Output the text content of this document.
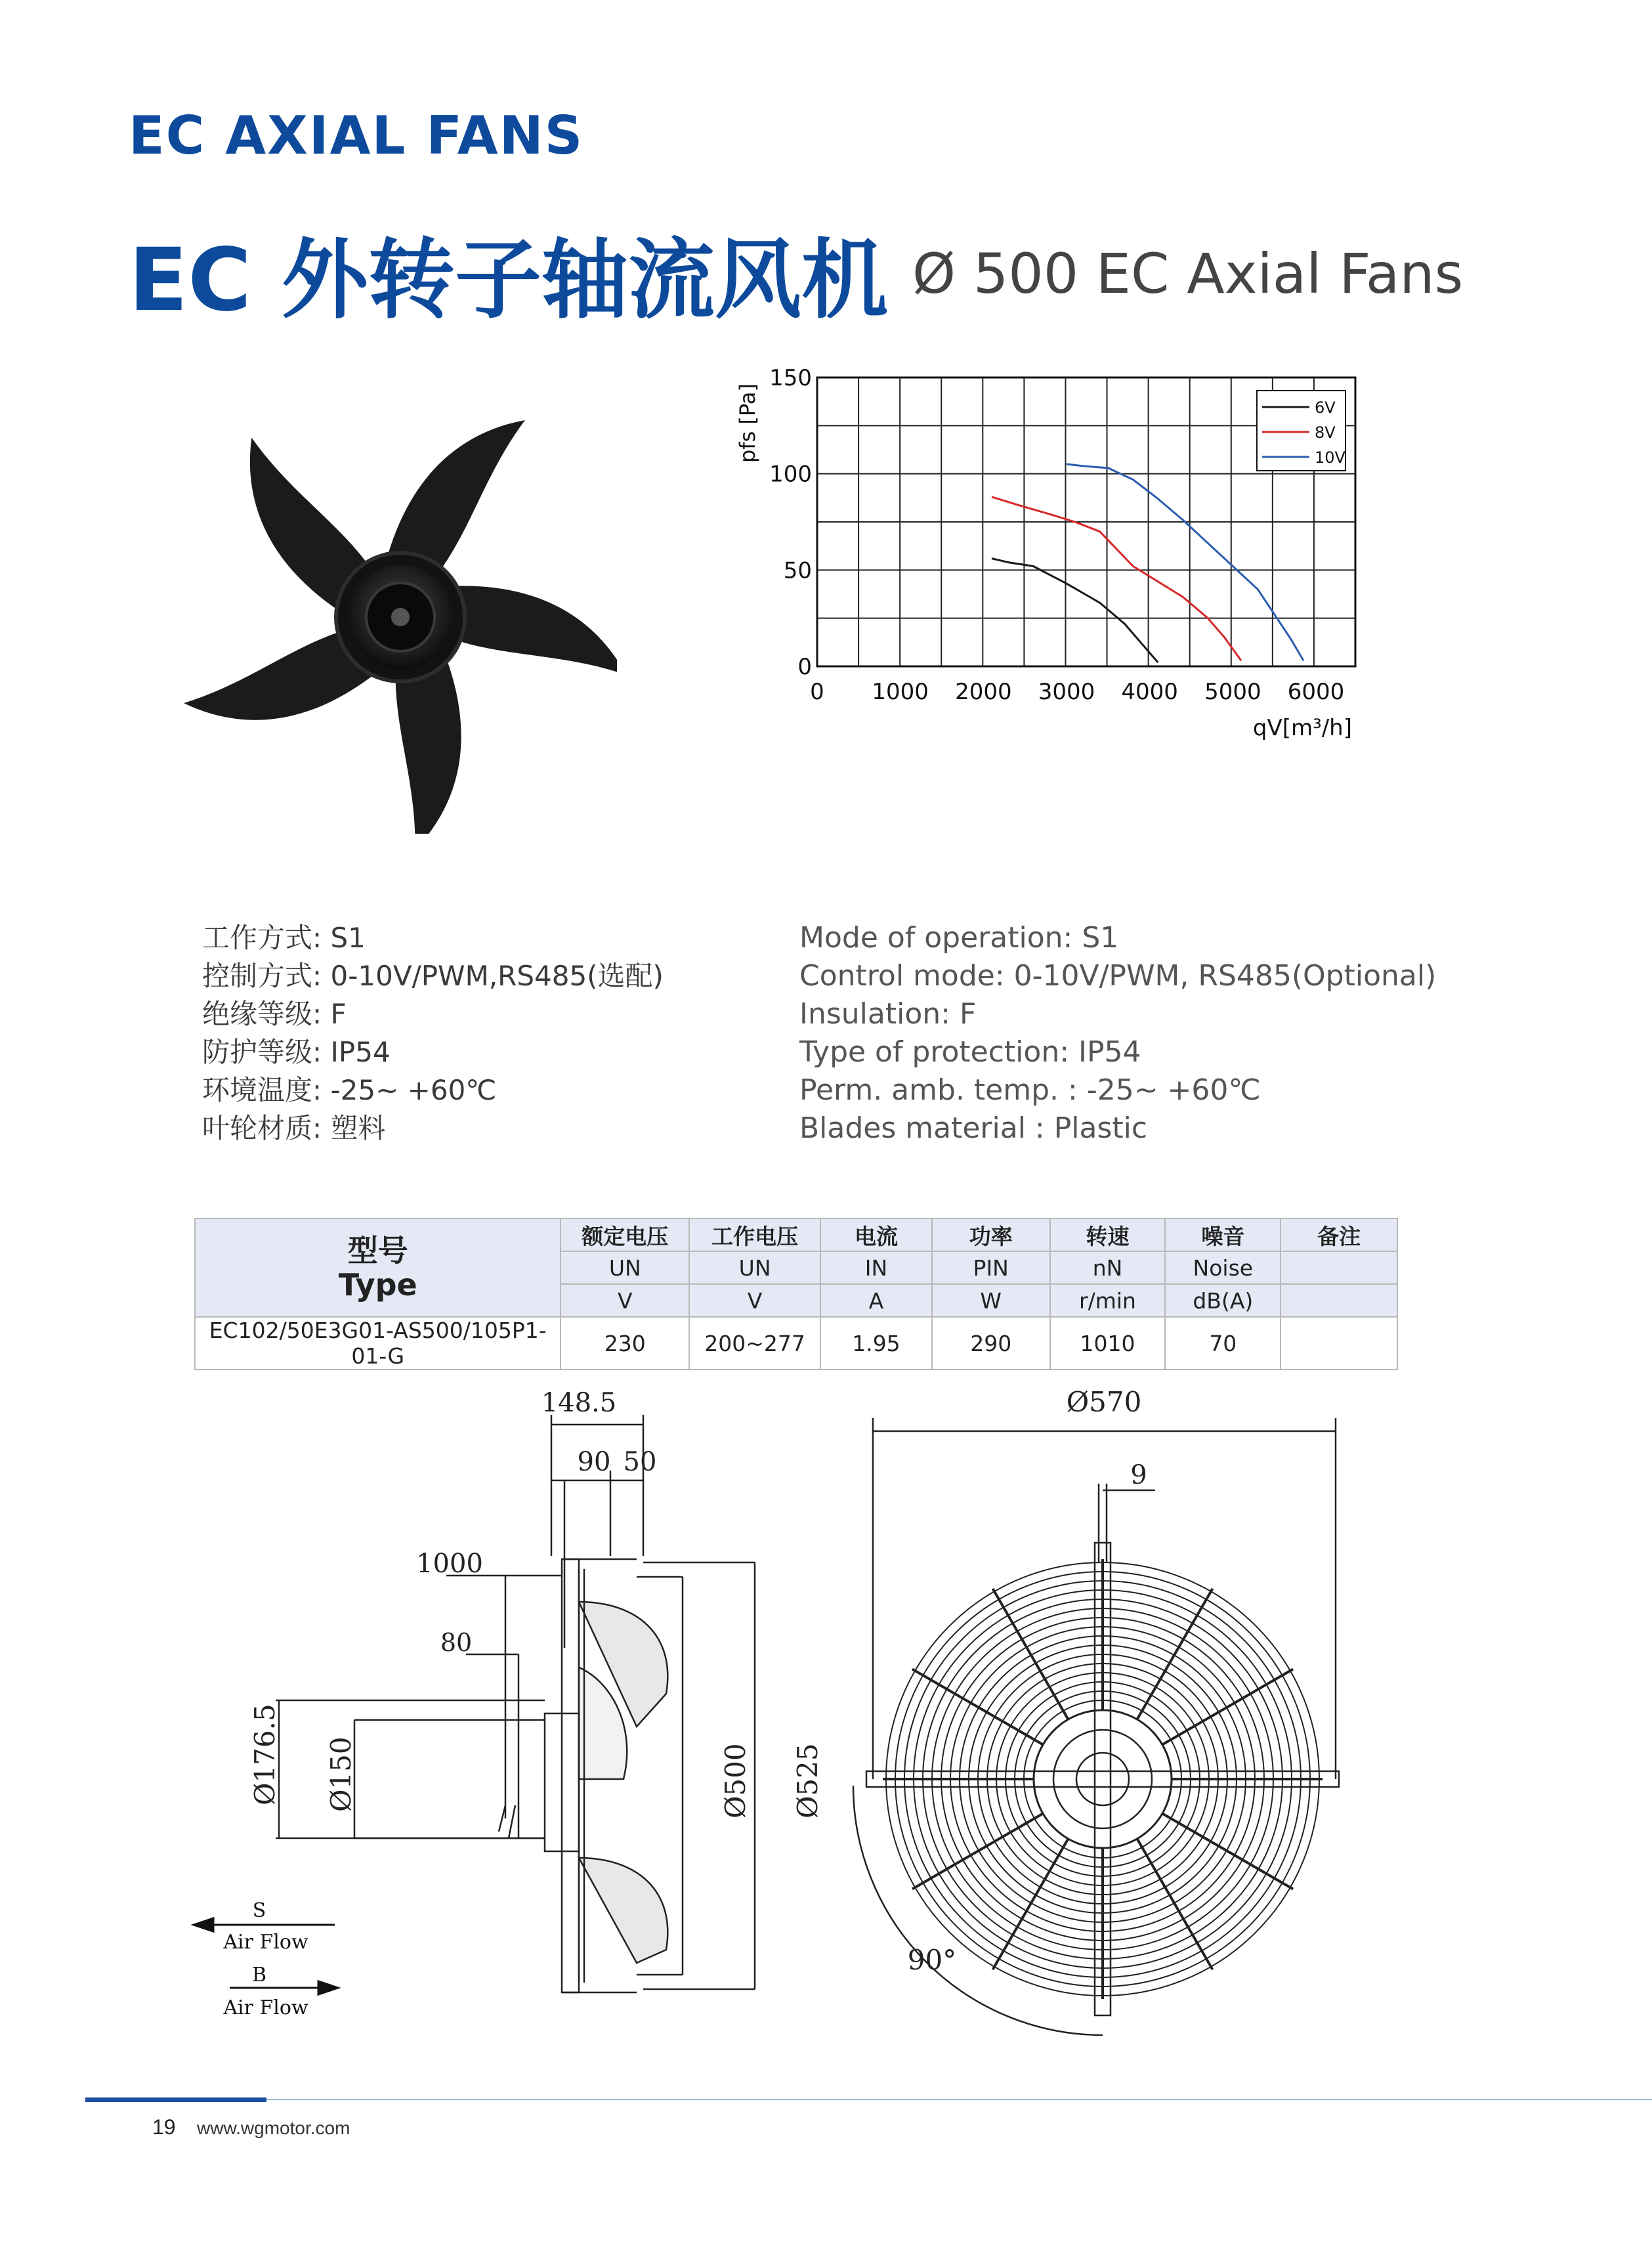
EC AXIAL FANS
EC 外转子轴流风机 Ø 500 EC Axial Fans
0 1000 2000 3000 4000 5000 6000
0
50
100
150
pfs [Pa]
qV[m³/h]
6V
8V
10V
工作方式: S1
控制方式: 0-10V/PWM,RS485(选配)
绝缘等级: F
防护等级: IP54
环境温度: -25~ +60℃
叶轮材质: 塑料
Mode of operation: S1
Control mode: 0-10V/PWM, RS485(Optional)
Insulation: F
Type of protection: IP54
Perm. amb. temp. : -25~ +60℃
Blades material : Plastic
型号
Type	额定电压	工作电压	电流	功率	转速	噪音	备注
	UN	UN	IN	PIN	nN	Noise	
	V	V	A	W	r/min	dB(A)	
EC102/50E3G01-AS500/105P1-01-G	230	200~277	1.95	290	1010	70	
148.5
90 50
1000
80
Ø176.5 Ø150	Ø500 Ø525
S
Air Flow
B
Air Flow
Ø570
9
90°
19 www.wgmotor.com
